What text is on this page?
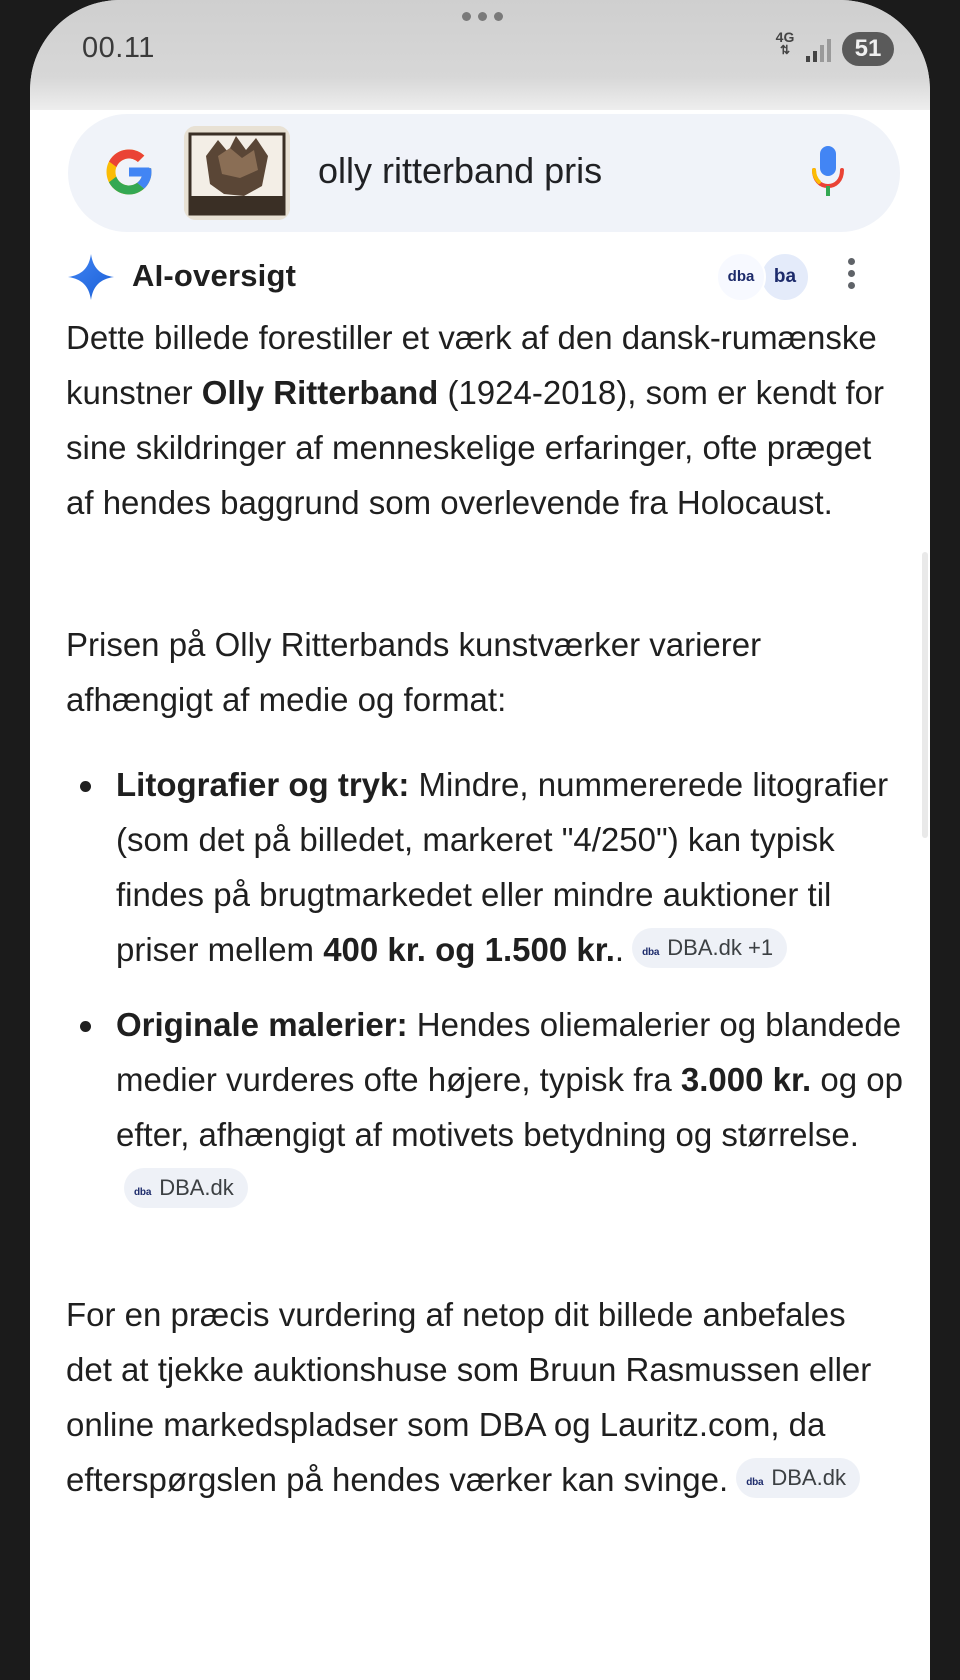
00.11	4G
⇅	51
olly ritterband pris
AI-oversigt	ba
dba

Dette billede forestiller et værk af den dansk-rumænske kunstner Olly Ritterband (1924-2018), som er kendt for sine skildringer af menneskelige erfaringer, ofte præget af hendes baggrund som overlevende fra Holocaust.

Prisen på Olly Ritterbands kunstværker varierer afhængigt af medie og format:

Litografier og tryk: Mindre, nummererede litografier (som det på billedet, markeret "4/250") kan typisk findes på brugtmarkedet eller mindre auktioner til priser mellem 400 kr. og 1.500 kr.. dba DBA.dk +1
Originale malerier: Hendes oliemalerier og blandede medier vurderes ofte højere, typisk fra 3.000 kr. og op efter, afhængigt af motivets betydning og størrelse.dba DBA.dk

For en præcis vurdering af netop dit billede anbefales det at tjekke auktionshuse som Bruun Rasmussen eller online markedspladser som DBA og Lauritz.com, da efterspørgslen på hendes værker kan svinge. dba DBA.dk
